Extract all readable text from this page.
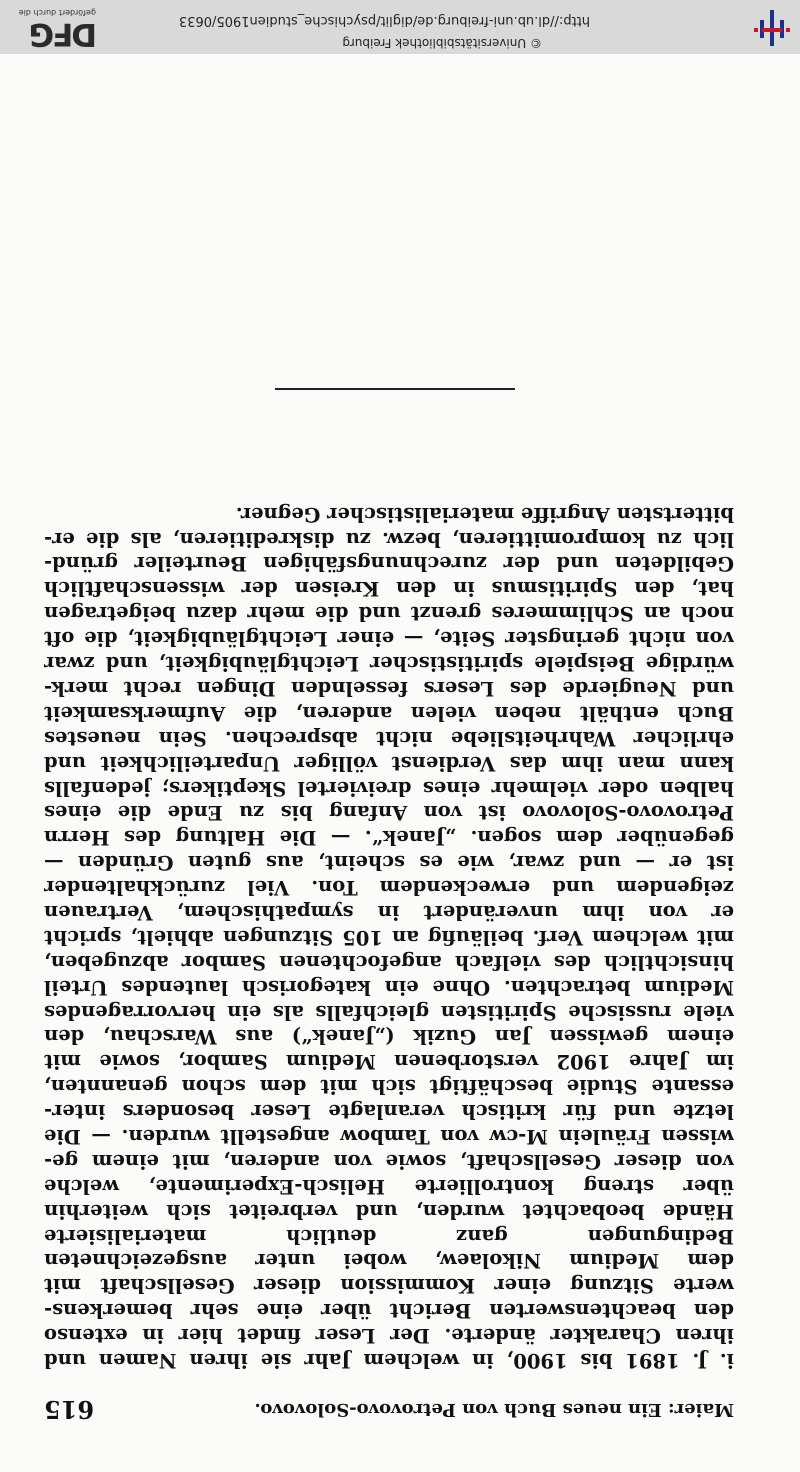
Maier: Ein neues Buch von Petrovovo-Solovovo.
615
i. J. 1891 bis 1900, in welchem Jahr sie ihren Namen und
ihren Charakter änderte. Der Leser findet hier in extenso
den beachtenswerten Bericht über eine sehr bemerkens-
werte Sitzung einer Kommission dieser Gesellschaft mit
dem Medium Nikolaew, wobei unter ausgezeichneten
Bedingungen ganz deutlich materialisierte
Hände beobachtet wurden, und verbreitet sich weiterhin
über streng kontrollierte Helisch-Experimente, welche
von dieser Gesellschaft, sowie von anderen, mit einem ge-
wissen Fräulein M-cw von Tambow angestellt wurden. — Die
letzte und für kritisch veranlagte Leser besonders inter-
essante Studie beschäftigt sich mit dem schon genannten,
im Jahre 1902 verstorbenen Medium Sambor, sowie mit
einem gewissen Jan Guzik („Janek“) aus Warschau, den
viele russische Spiritisten gleichfalls als ein hervorragendes
Medium betrachten. Ohne ein kategorisch lautendes Urteil
hinsichtlich des vielfach angefochtenen Sambor abzugeben,
mit welchem Verf. beiläufig an 105 Sitzungen abhielt, spricht
er von ihm unverändert in sympathischem, Vertrauen
zeigendem und erweckendem Ton. Viel zurückhaltender
ist er — und zwar, wie es scheint, aus guten Gründen —
gegenüber dem sogen. „Janek“. — Die Haltung des Herrn
Petrovovo-Solovovo ist von Anfang bis zu Ende die eines
halben oder vielmehr eines dreiviertel Skeptikers; jedenfalls
kann man ihm das Verdienst völliger Unparteilichkeit und
ehrlicher Wahrheitsliebe nicht absprechen. Sein neuestes
Buch enthält neben vielen anderen, die Aufmerksamkeit
und Neugierde des Lesers fesselnden Dingen recht merk-
würdige Beispiele spiritistischer Leichtgläubigkeit, und zwar
von nicht geringster Seite, — einer Leichtgläubigkeit, die oft
noch an Schlimmeres grenzt und die mehr dazu beigetragen
hat, den Spiritismus in den Kreisen der wissenschaftlich
Gebildeten und der zurechnungsfähigen Beurteiler gründ-
lich zu kompromittieren, bezw. zu diskreditieren, als die er-
bittertsten Angriffe materialistischer Gegner.
© Universitätsbibliothek Freiburg
http://dl.ub.uni-freiburg.de/diglit/psychische_studien1905/0633
DFG
gefördert durch die
